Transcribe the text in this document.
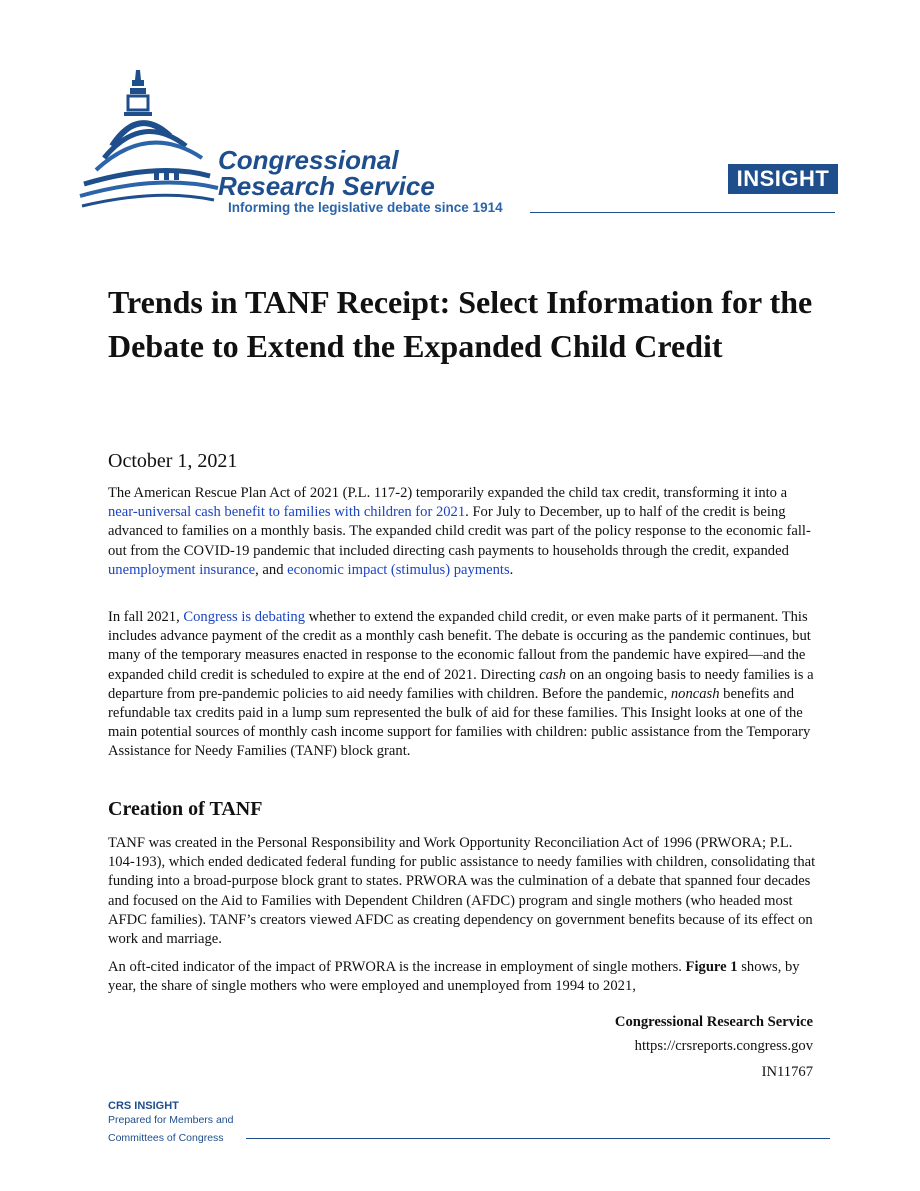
Congressional
Research Service
Informing the legislative debate since 1914
INSIGHT
Trends in TANF Receipt: Select Information for the Debate to Extend the Expanded Child Credit
October 1, 2021

The American Rescue Plan Act of 2021 (P.L. 117-2) temporarily expanded the child tax credit, transforming it into a near-universal cash benefit to families with children for 2021. For July to December, up to half of the credit is being advanced to families on a monthly basis. The expanded child credit was part of the policy response to the economic fall-out from the COVID-19 pandemic that included directing cash payments to households through the credit, expanded unemployment insurance, and economic impact (stimulus) payments.

In fall 2021, Congress is debating whether to extend the expanded child credit, or even make parts of it permanent. This includes advance payment of the credit as a monthly cash benefit. The debate is occuring as the pandemic continues, but many of the temporary measures enacted in response to the economic fallout from the pandemic have expired—and the expanded child credit is scheduled to expire at the end of 2021. Directing cash on an ongoing basis to needy families is a departure from pre-pandemic policies to aid needy families with children. Before the pandemic, noncash benefits and refundable tax credits paid in a lump sum represented the bulk of aid for these families. This Insight looks at one of the main potential sources of monthly cash income support for families with children: public assistance from the Temporary Assistance for Needy Families (TANF) block grant.

Creation of TANF

TANF was created in the Personal Responsibility and Work Opportunity Reconciliation Act of 1996 (PRWORA; P.L. 104-193), which ended dedicated federal funding for public assistance to needy families with children, consolidating that funding into a broad-purpose block grant to states. PRWORA was the culmination of a debate that spanned four decades and focused on the Aid to Families with Dependent Children (AFDC) program and single mothers (who headed most AFDC families). TANF’s creators viewed AFDC as creating dependency on government benefits because of its effect on work and marriage.

An oft-cited indicator of the impact of PRWORA is the increase in employment of single mothers. Figure 1 shows, by year, the share of single mothers who were employed and unemployed from 1994 to 2021,

Congressional Research Service
https://crsreports.congress.gov
IN11767
CRS INSIGHT
Prepared for Members and
Committees of Congress
